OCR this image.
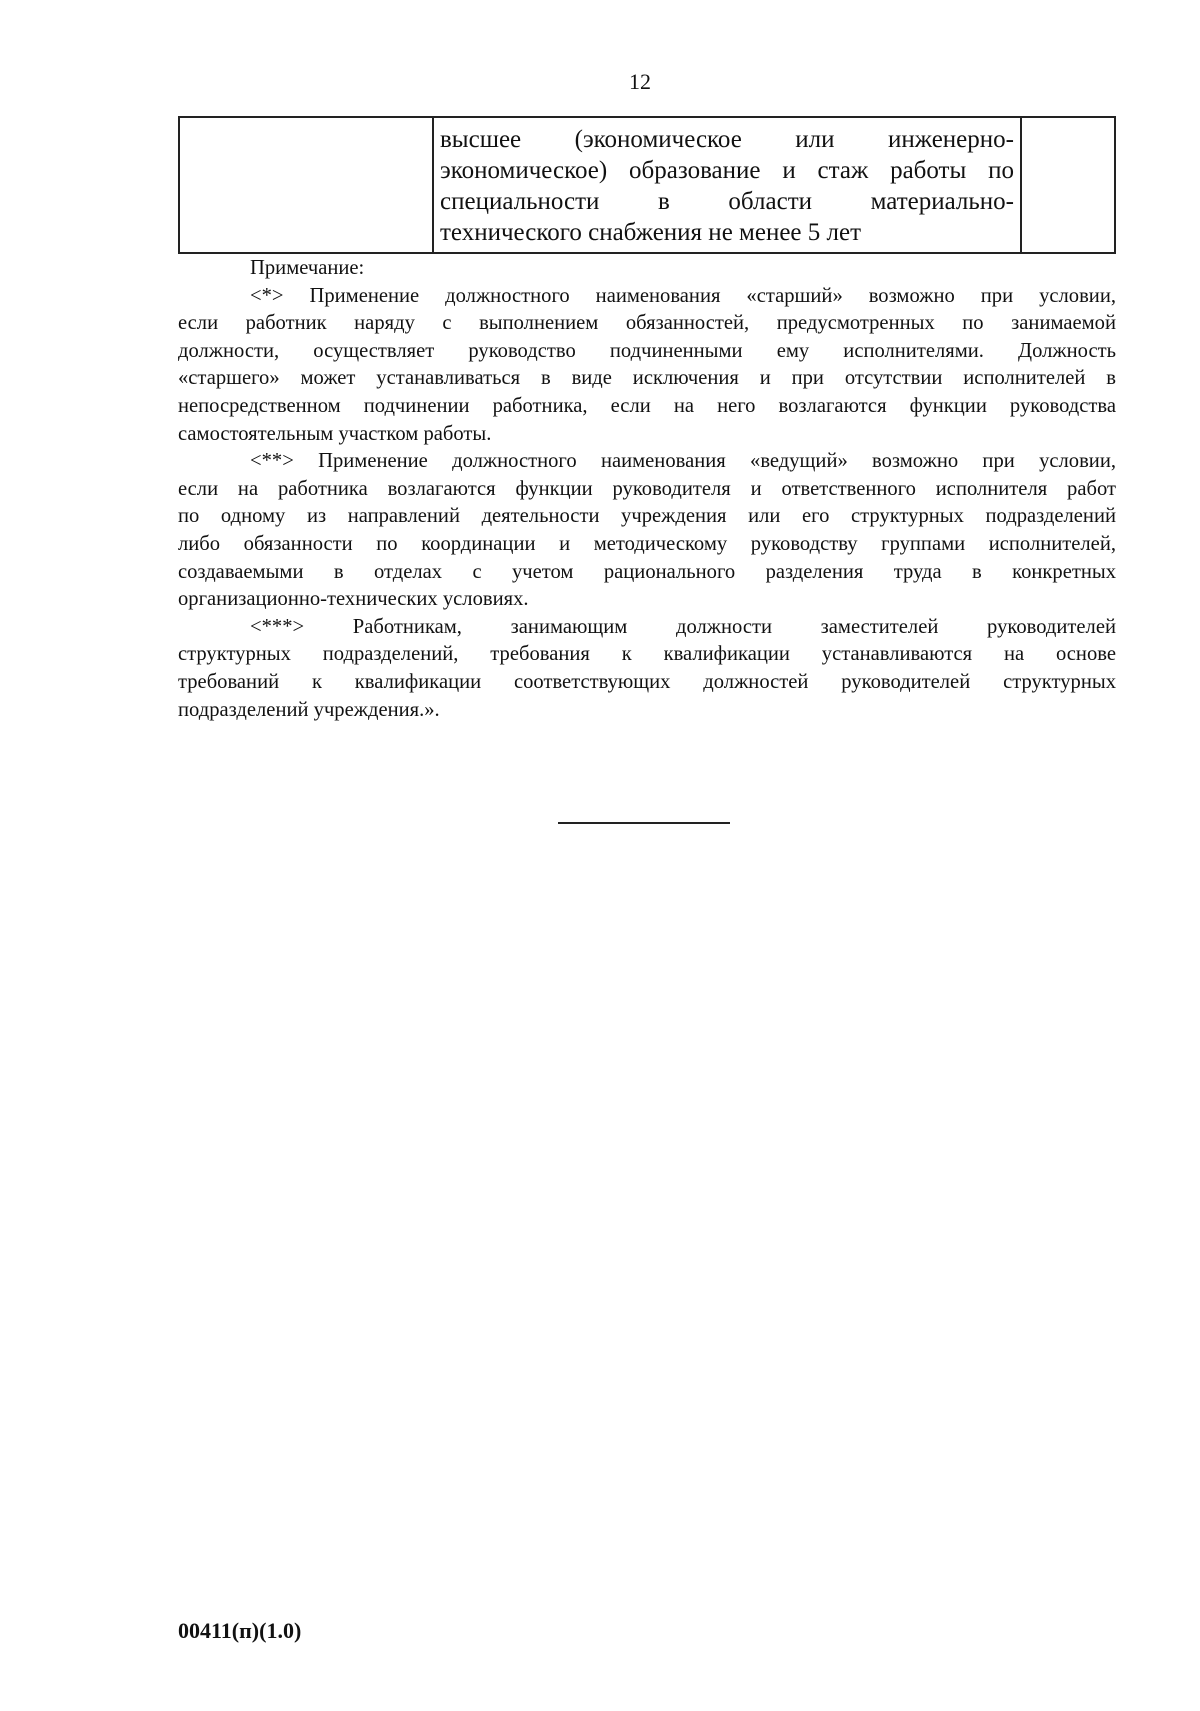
12
высшее (экономическое или инженерно-
экономическое) образование и стаж работы по
специальности в области материально-
технического снабжения не менее 5 лет
Примечание:
<*> Применение должностного наименования «старший» возможно при условии,
если работник наряду с выполнением обязанностей, предусмотренных по занимаемой
должности, осуществляет руководство подчиненными ему исполнителями. Должность
«старшего» может устанавливаться в виде исключения и при отсутствии исполнителей в
непосредственном подчинении работника, если на него возлагаются функции руководства
самостоятельным участком работы.
<**> Применение должностного наименования «ведущий» возможно при условии,
если на работника возлагаются функции руководителя и ответственного исполнителя работ
по одному из направлений деятельности учреждения или его структурных подразделений
либо обязанности по координации и методическому руководству группами исполнителей,
создаваемыми в отделах с учетом рационального разделения труда в конкретных
организационно-технических условиях.
<***> Работникам, занимающим должности заместителей руководителей
структурных подразделений, требования к квалификации устанавливаются на основе
требований к квалификации соответствующих должностей руководителей структурных
подразделений учреждения.».
00411(п)(1.0)
